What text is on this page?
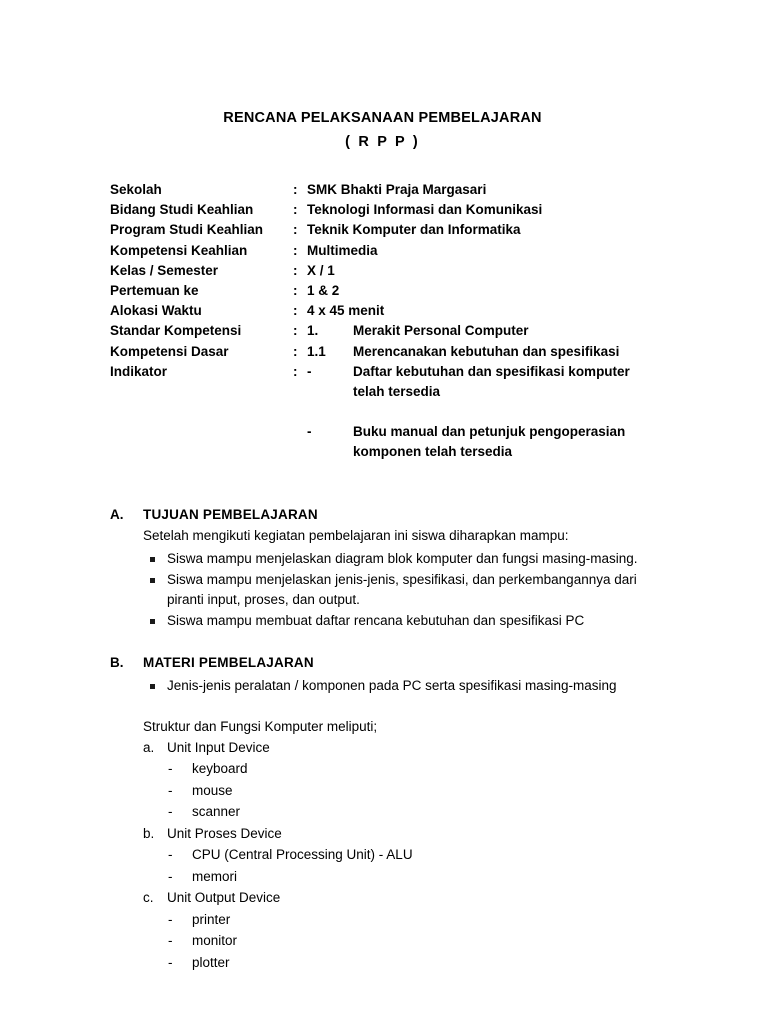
RENCANA PELAKSANAAN PEMBELAJARAN
( R P P )
Sekolah	:	SMK Bhakti Praja Margasari	
Bidang Studi Keahlian	:	Teknologi Informasi dan Komunikasi	
Program Studi Keahlian	:	Teknik Komputer dan Informatika	
Kompetensi Keahlian	:	Multimedia	
Kelas / Semester	:	X / 1	
Pertemuan ke	:	1 & 2	
Alokasi Waktu	:	4 x 45 menit	
Standar Kompetensi	:	1.	Merakit Personal Computer
Kompetensi Dasar	:	1.1	Merencanakan kebutuhan dan spesifikasi
Indikator	:	-	Daftar kebutuhan dan spesifikasi komputer telah tersedia
		-	Buku manual dan petunjuk pengoperasian komponen telah tersedia
A.	TUJUAN PEMBELAJARAN
Setelah mengikuti kegiatan pembelajaran ini siswa diharapkan mampu:
Siswa mampu menjelaskan diagram blok komputer dan fungsi masing-masing.
Siswa mampu menjelaskan jenis-jenis, spesifikasi, dan perkembangannya dari piranti input, proses, dan output.
Siswa mampu membuat daftar rencana kebutuhan dan spesifikasi PC
B.	MATERI PEMBELAJARAN
Jenis-jenis peralatan / komponen pada PC serta spesifikasi masing-masing
Struktur dan Fungsi Komputer meliputi;
a. Unit Input Device
-	keyboard
-	mouse
-	scanner
b. Unit Proses Device
-	CPU (Central Processing Unit) - ALU
-	memori
c. Unit Output Device
-	printer
-	monitor
-	plotter
